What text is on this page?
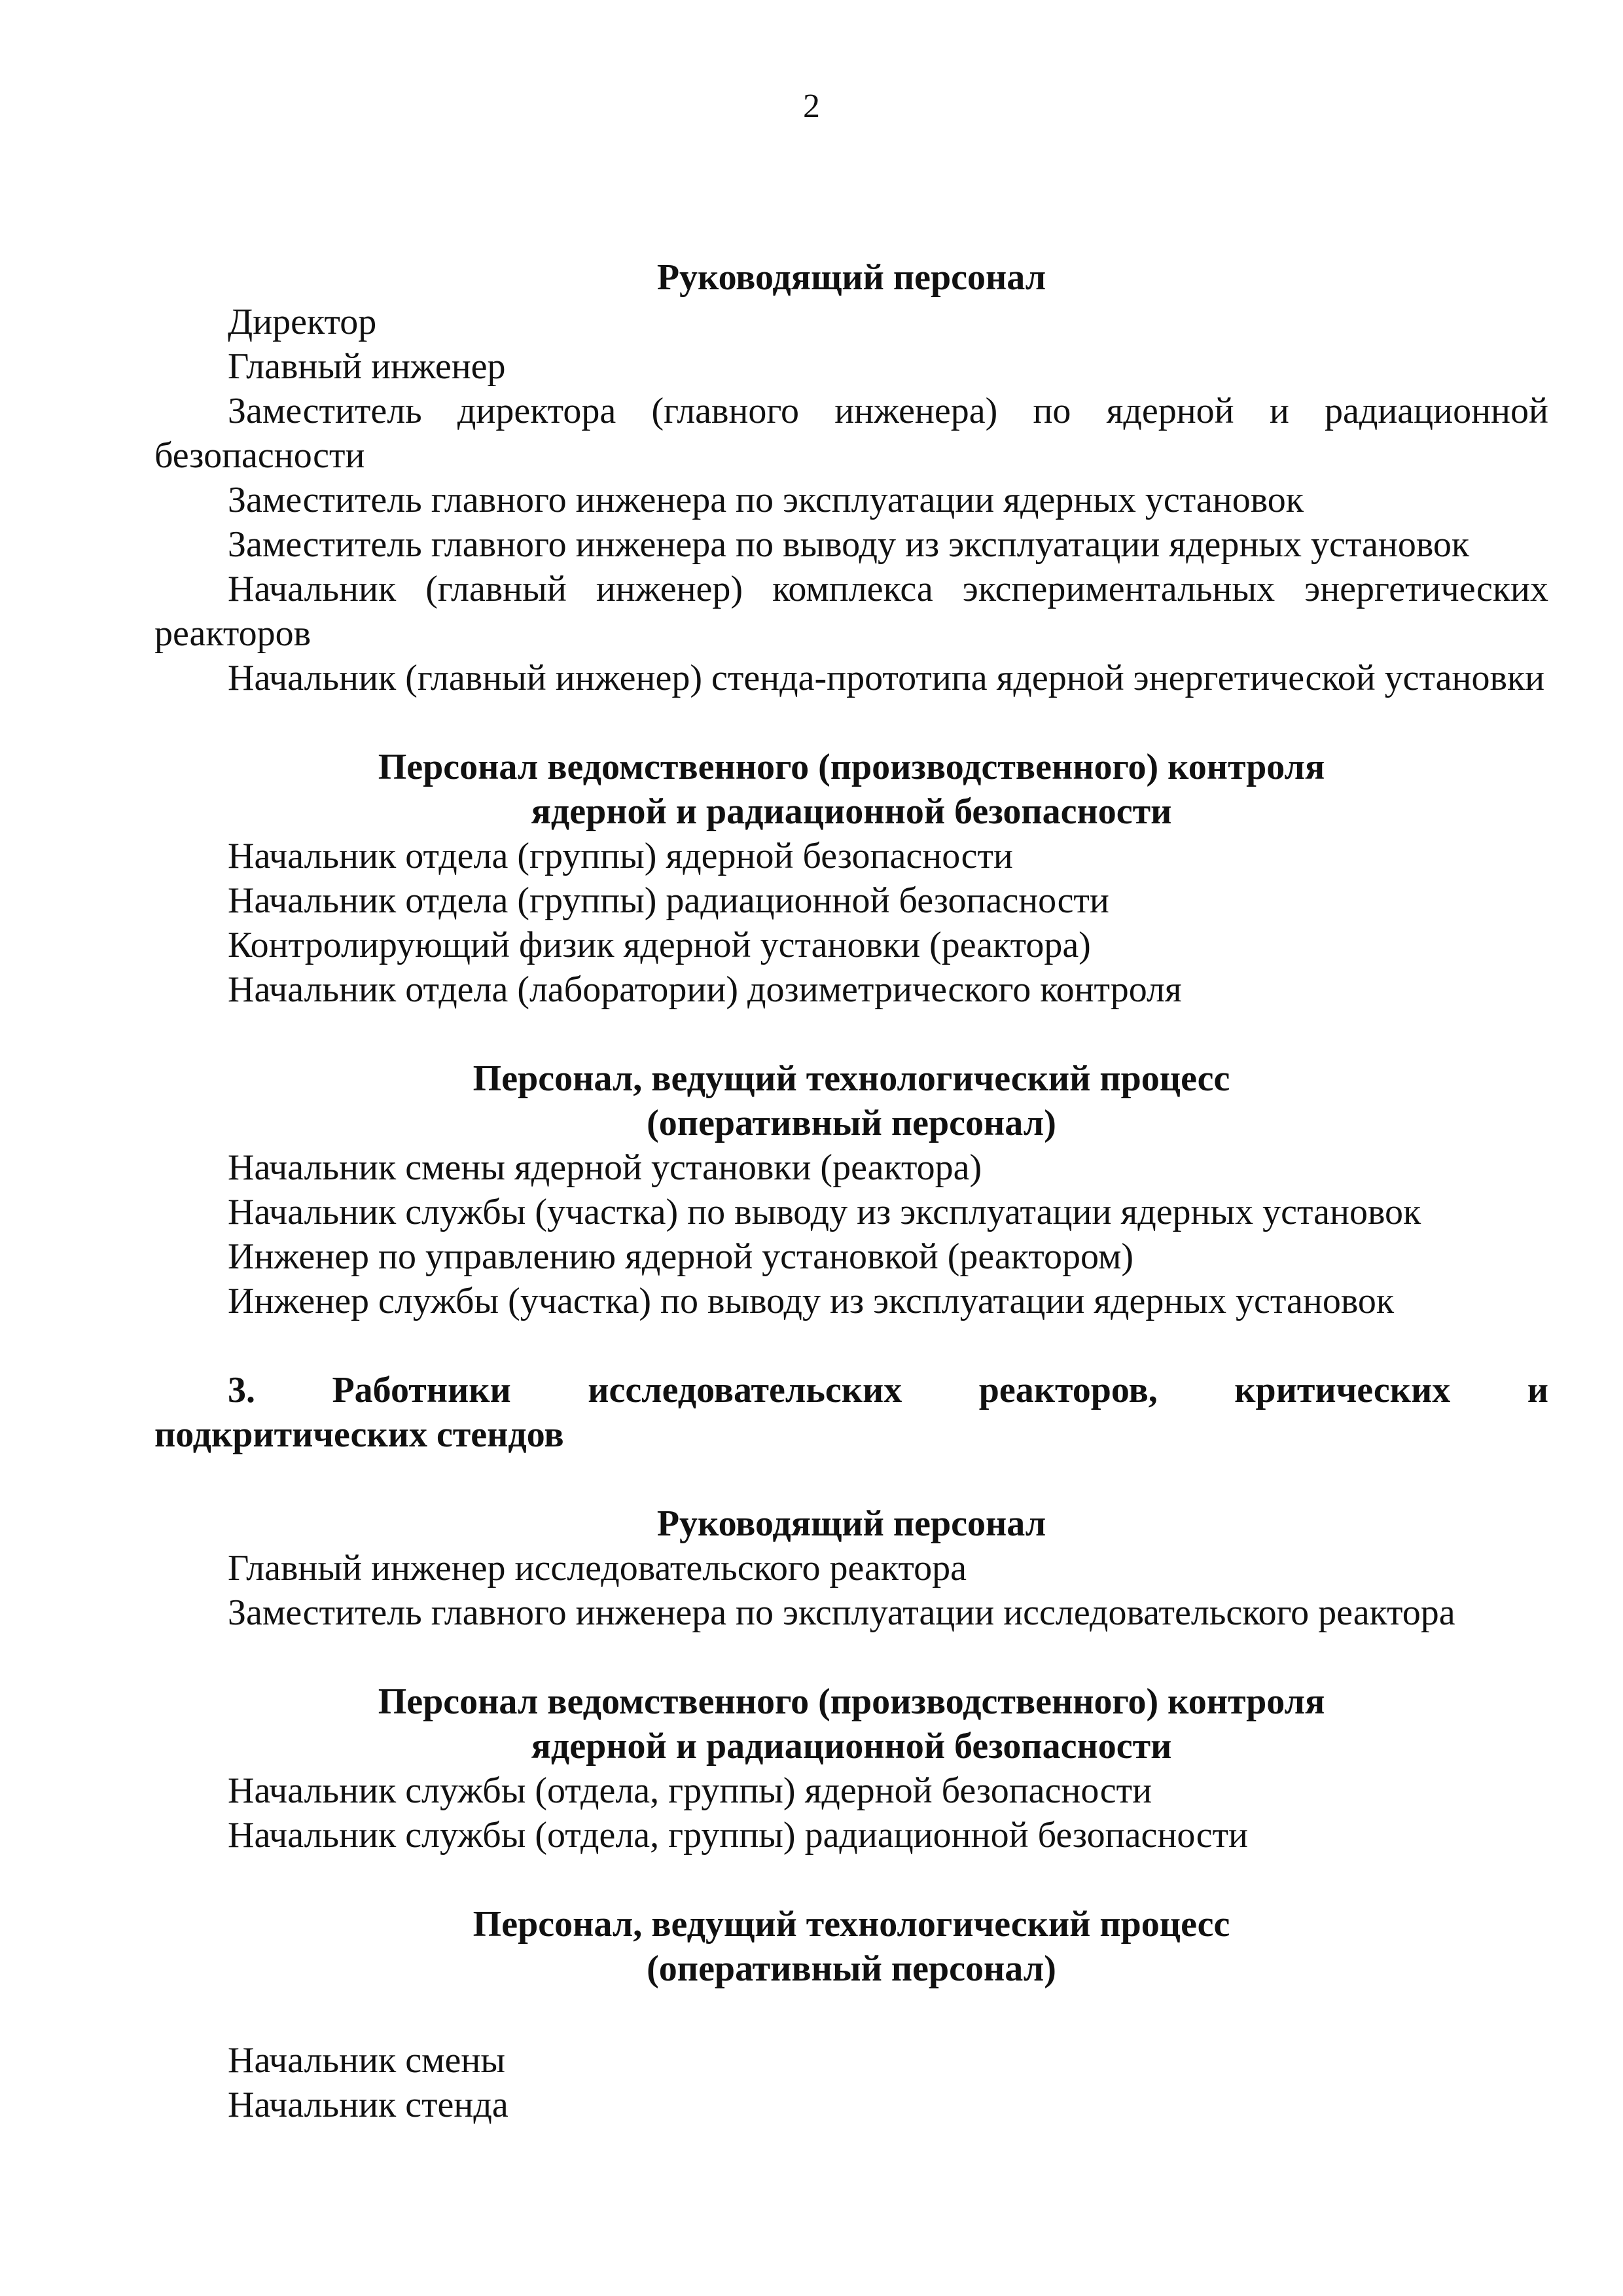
2

Руководящий персонал

Директор

Главный инженер

Заместитель директора (главного инженера) по ядерной и радиационной безопасности

Заместитель главного инженера по эксплуатации ядерных установок

Заместитель главного инженера по выводу из эксплуатации ядерных установок

Начальник (главный инженер) комплекса экспериментальных энергетических реакторов

Начальник (главный инженер) стенда-прототипа ядерной энергетической установки

Персонал ведомственного (производственного) контроля
ядерной и радиационной безопасности

Начальник отдела (группы) ядерной безопасности

Начальник отдела (группы) радиационной безопасности

Контролирующий физик ядерной установки (реактора)

Начальник отдела (лаборатории) дозиметрического контроля

Персонал, ведущий технологический процесс
(оперативный персонал)

Начальник смены ядерной установки (реактора)

Начальник службы (участка) по выводу из эксплуатации ядерных установок

Инженер по управлению ядерной установкой (реактором)

Инженер службы (участка) по выводу из эксплуатации ядерных установок

3. Работники исследовательских реакторов, критических и
подкритических стендов

Руководящий персонал

Главный инженер исследовательского реактора

Заместитель главного инженера по эксплуатации исследовательского реактора

Персонал ведомственного (производственного) контроля
ядерной и радиационной безопасности

Начальник службы (отдела, группы) ядерной безопасности

Начальник службы (отдела, группы) радиационной безопасности

Персонал, ведущий технологический процесс
(оперативный персонал)

Начальник смены

Начальник стенда
